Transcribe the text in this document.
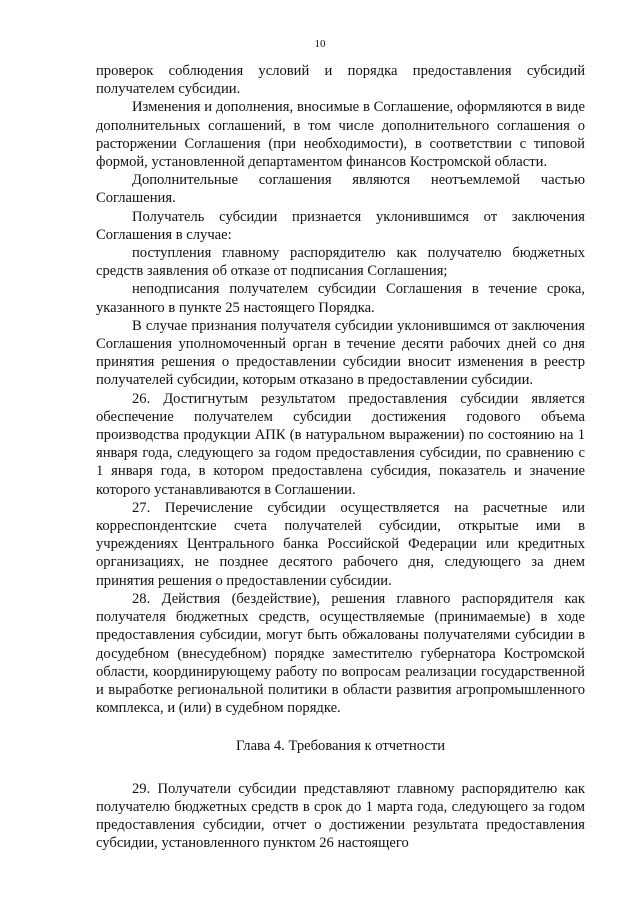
10

проверок соблюдения условий и порядка предоставления субсидий получателем субсидии.

Изменения и дополнения, вносимые в Соглашение, оформляются в виде дополнительных соглашений, в том числе дополнительного соглашения о расторжении Соглашения (при необходимости), в соответствии с типовой формой, установленной департаментом финансов Костромской области.

Дополнительные соглашения являются неотъемлемой частью Соглашения.

Получатель субсидии признается уклонившимся от заключения Соглашения в случае:

поступления главному распорядителю как получателю бюджетных средств заявления об отказе от подписания Соглашения;

неподписания получателем субсидии Соглашения в течение срока, указанного в пункте 25 настоящего Порядка.

В случае признания получателя субсидии уклонившимся от заключения Соглашения уполномоченный орган в течение десяти рабочих дней со дня принятия решения о предоставлении субсидии вносит изменения в реестр получателей субсидии, которым отказано в предоставлении субсидии.

26. Достигнутым результатом предоставления субсидии является обеспечение получателем субсидии достижения годового объема производства продукции АПК (в натуральном выражении) по состоянию на 1 января года, следующего за годом предоставления субсидии, по сравнению с 1 января года, в котором предоставлена субсидия, показатель и значение которого устанавливаются в Соглашении.

27. Перечисление субсидии осуществляется на расчетные или корреспондентские счета получателей субсидии, открытые ими в учреждениях Центрального банка Российской Федерации или кредитных организациях, не позднее десятого рабочего дня, следующего за днем принятия решения о предоставлении субсидии.

28. Действия (бездействие), решения главного распорядителя как получателя бюджетных средств, осуществляемые (принимаемые) в ходе предоставления субсидии, могут быть обжалованы получателями субсидии в досудебном (внесудебном) порядке заместителю губернатора Костромской области, координирующему работу по вопросам реализации государственной и выработке региональной политики в области развития агропромышленного комплекса, и (или) в судебном порядке.

Глава 4. Требования к отчетности

29. Получатели субсидии представляют главному распорядителю как получателю бюджетных средств в срок до 1 марта года, следующего за годом предоставления субсидии, отчет о достижении результата предоставления субсидии, установленного пунктом 26 настоящего
